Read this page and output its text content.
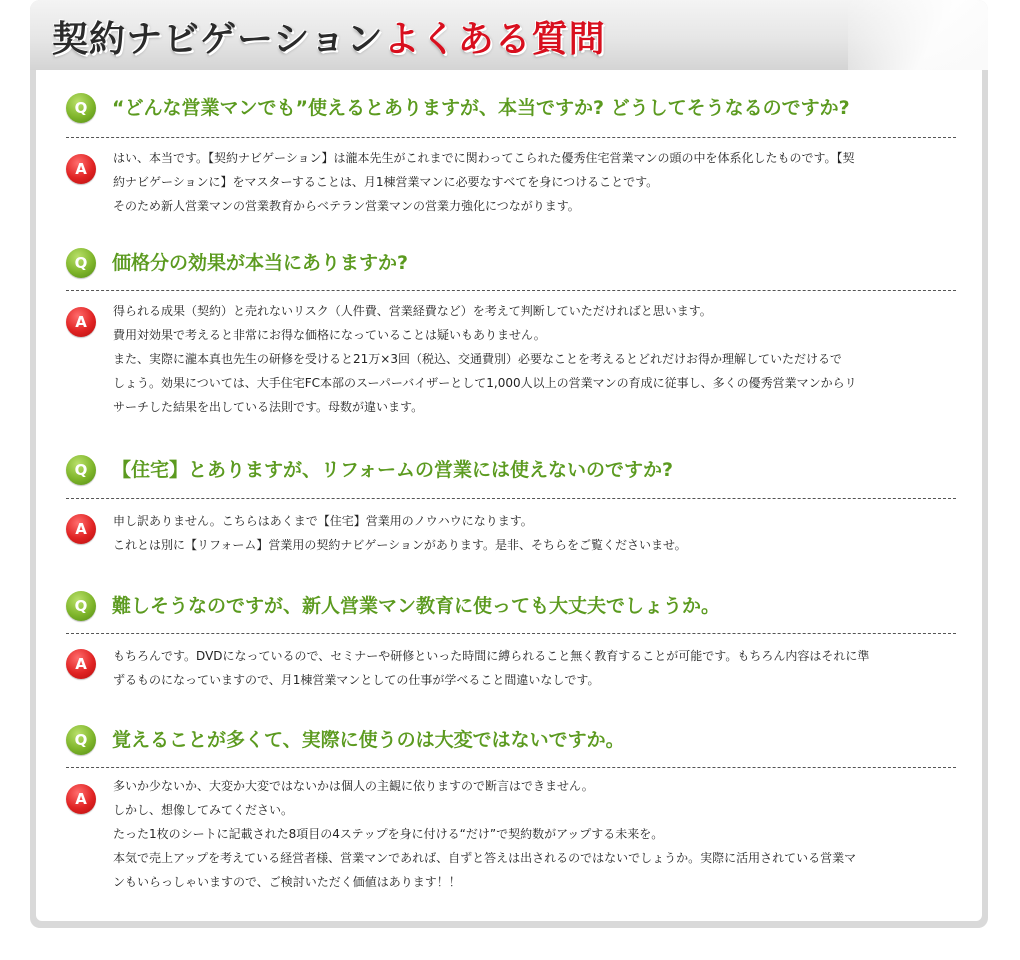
契約ナビゲーション よくある質問
Q	“どんな営業マンでも”使えるとありますが、本当ですか? どうしてそうなるのですか?
A
はい、本当です。【契約ナビゲーション】は瀧本先生がこれまでに関わってこられた優秀住宅営業マンの頭の中を体系化したものです。【契
約ナビゲーションに】をマスターすることは、月1棟営業マンに必要なすべてを身につけることです。
そのため新人営業マンの営業教育からベテラン営業マンの営業力強化につながります。
Q	価格分の効果が本当にありますか?
A
得られる成果（契約）と売れないリスク（人件費、営業経費など）を考えて判断していただければと思います。
費用対効果で考えると非常にお得な価格になっていることは疑いもありません。
また、実際に瀧本真也先生の研修を受けると21万×3回（税込、交通費別）必要なことを考えるとどれだけお得か理解していただけるで
しょう。効果については、大手住宅FC本部のスーパーバイザーとして1,000人以上の営業マンの育成に従事し、多くの優秀営業マンからリ
サーチした結果を出している法則です。母数が違います。
Q	【住宅】とありますが、リフォームの営業には使えないのですか?
A	申し訳ありません。こちらはあくまで【住宅】営業用のノウハウになります。
これとは別に【リフォーム】営業用の契約ナビゲーションがあります。是非、そちらをご覧くださいませ。
Q	難しそうなのですが、新人営業マン教育に使っても大丈夫でしょうか。
A	もちろんです。DVDになっているので、セミナーや研修といった時間に縛られること無く教育することが可能です。もちろん内容はそれに準
ずるものになっていますので、月1棟営業マンとしての仕事が学べること間違いなしです。
Q	覚えることが多くて、実際に使うのは大変ではないですか。
A
多いか少ないか、大変か大変ではないかは個人の主観に依りますので断言はできません。
しかし、想像してみてください。
たった1枚のシートに記載された8項目の4ステップを身に付ける“だけ”で契約数がアップする未来を。
本気で売上アップを考えている経営者様、営業マンであれば、自ずと答えは出されるのではないでしょうか。実際に活用されている営業マ
ンもいらっしゃいますので、ご検討いただく価値はあります！！
